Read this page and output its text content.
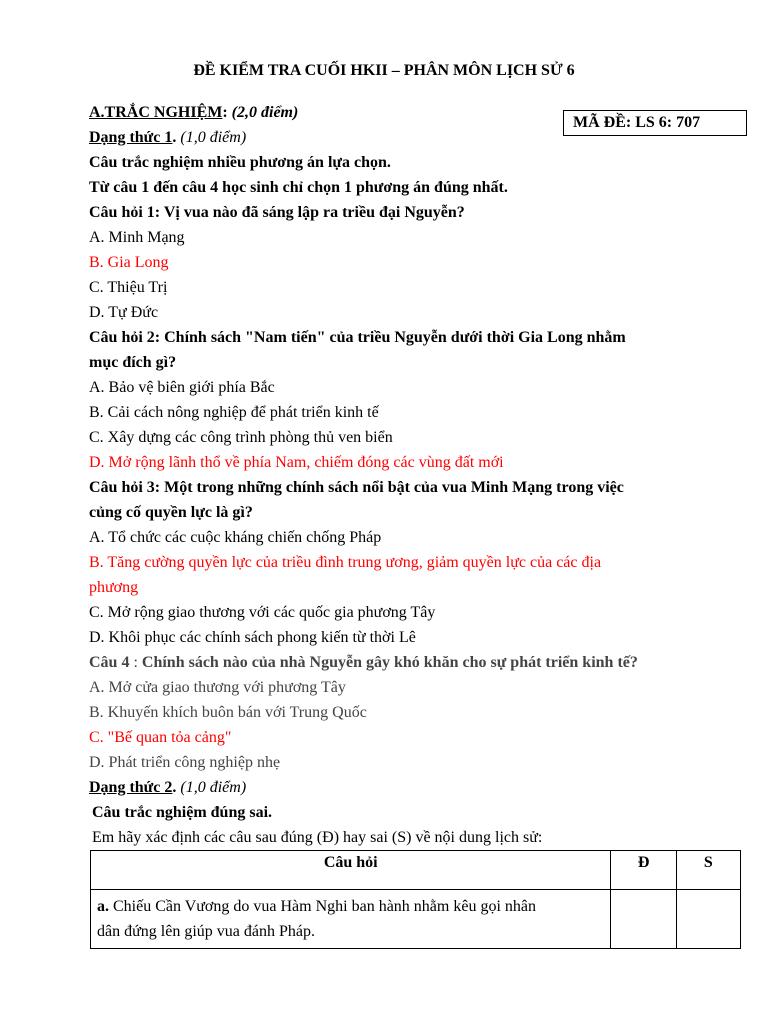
ĐỀ KIỂM TRA CUỐI HKII – PHÂN MÔN LỊCH SỬ 6
MÃ ĐỀ: LS 6: 707
A.TRẮC NGHIỆM: (2,0 điểm)
Dạng thức 1. (1,0 điểm)
Câu trắc nghiệm nhiều phương án lựa chọn.
Từ câu 1 đến câu 4 học sinh chỉ chọn 1 phương án đúng nhất.
Câu hỏi 1: Vị vua nào đã sáng lập ra triều đại Nguyễn?
A. Minh Mạng
B. Gia Long
C. Thiệu Trị
D. Tự Đức
Câu hỏi 2: Chính sách "Nam tiến" của triều Nguyễn dưới thời Gia Long nhằm
mục đích gì?
A. Bảo vệ biên giới phía Bắc
B. Cải cách nông nghiệp để phát triển kinh tế
C. Xây dựng các công trình phòng thủ ven biển
D. Mở rộng lãnh thổ về phía Nam, chiếm đóng các vùng đất mới
Câu hỏi 3: Một trong những chính sách nổi bật của vua Minh Mạng trong việc
củng cố quyền lực là gì?
A. Tổ chức các cuộc kháng chiến chống Pháp
B. Tăng cường quyền lực của triều đình trung ương, giảm quyền lực của các địa
phương
C. Mở rộng giao thương với các quốc gia phương Tây
D. Khôi phục các chính sách phong kiến từ thời Lê
Câu 4 : Chính sách nào của nhà Nguyễn gây khó khăn cho sự phát triển kinh tế?
A. Mở cửa giao thương với phương Tây
B. Khuyến khích buôn bán với Trung Quốc
C. "Bế quan tỏa cảng"
D. Phát triển công nghiệp nhẹ
Dạng thức 2. (1,0 điểm)
Câu trắc nghiệm đúng sai.
Em hãy xác định các câu sau đúng (Đ) hay sai (S) về nội dung lịch sử:
Câu hỏi	Đ	S

a. Chiếu Cần Vương do vua Hàm Nghi ban hành nhằm kêu gọi nhân
dân đứng lên giúp vua đánh Pháp.		
